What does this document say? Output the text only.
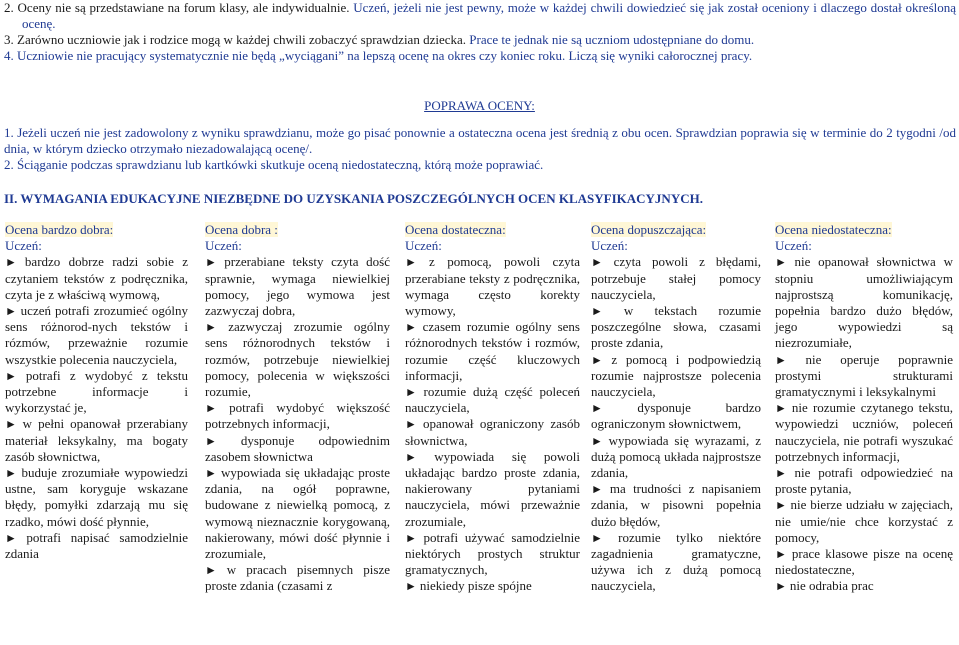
2. Oceny nie są przedstawiane na forum klasy, ale indywidualnie. Uczeń, jeżeli nie jest pewny, może w każdej chwili dowiedzieć się jak został oceniony i dlaczego dostał określoną ocenę.

3. Zarówno uczniowie jak i rodzice mogą w każdej chwili zobaczyć sprawdzian dziecka. Prace te jednak nie są uczniom udostępniane do domu.

4. Uczniowie nie pracujący systematycznie nie będą „wyciągani” na lepszą ocenę na okres czy koniec roku. Liczą się wyniki całorocznej pracy.

POPRAWA OCENY:

1. Jeżeli uczeń nie jest zadowolony z wyniku sprawdzianu, może go pisać ponownie a ostateczna ocena jest średnią z obu ocen. Sprawdzian poprawia się w terminie do 2 tygodni /od dnia, w którym dziecko otrzymało niezadowalającą ocenę/.

2. Ściąganie podczas sprawdzianu lub kartkówki skutkuje oceną niedostateczną, którą może poprawiać.

II. WYMAGANIA EDUKACYJNE NIEZBĘDNE DO UZYSKANIA POSZCZEGÓLNYCH OCEN KLASYFIKACYJNYCH.
Ocena bardzo dobra:
Uczeń:
► bardzo dobrze radzi sobie z czytaniem tekstów z podręcznika, czyta je z właściwą wymową,
► uczeń potrafi zrozumieć ogólny sens różnorod-nych tekstów i rózmów, przeważnie rozumie wszystkie polecenia nauczyciela,
► potrafi z wydobyć z tekstu potrzebne informacje i wykorzystać je,
► w pełni opanował przerabiany materiał leksykalny, ma bogaty zasób słownictwa,
► buduje zrozumiałe wypowiedzi ustne, sam koryguje wskazane błędy, pomyłki zdarzają mu się rzadko, mówi dość płynnie,
► potrafi napisać samodzielnie zdania
Ocena dobra :
Uczeń:
► przerabiane teksty czyta dość sprawnie, wymaga niewielkiej pomocy, jego wymowa jest zazwyczaj dobra,
► zazwyczaj zrozumie ogólny sens różnorodnych tekstów i rozmów, potrzebuje niewielkiej pomocy, polecenia w większości rozumie,
► potrafi wydobyć większość potrzebnych informacji,
► dysponuje odpowiednim zasobem słownictwa
► wypowiada się układając proste zdania, na ogół poprawne, budowane z niewielką pomocą, z wymową nieznacznie korygowaną, nakierowany, mówi dość płynnie i zrozumiale,
► w pracach pisemnych pisze proste zdania (czasami z
Ocena dostateczna:
Uczeń:
► z pomocą, powoli czyta przerabiane teksty z podręcznika, wymaga często korekty wymowy,
► czasem rozumie ogólny sens różnorodnych tekstów i rozmów, rozumie część kluczowych informacji,
► rozumie dużą część poleceń nauczyciela,
► opanował ograniczony zasób słownictwa,
► wypowiada się powoli układając bardzo proste zdania, nakierowany pytaniami nauczyciela, mówi przeważnie zrozumiale,
► potrafi używać samodzielnie niektórych prostych struktur gramatycznych,
► niekiedy pisze spójne
Ocena dopuszczająca:
Uczeń:
► czyta powoli z błędami, potrzebuje stałej pomocy nauczyciela,
► w tekstach rozumie poszczególne słowa, czasami proste zdania,
► z pomocą i podpowiedzią rozumie najprostsze polecenia nauczyciela,
► dysponuje bardzo ograniczonym słownictwem,
► wypowiada się wyrazami, z dużą pomocą układa najprostsze zdania,
► ma trudności z napisaniem zdania, w pisowni popełnia dużo błędów,
► rozumie tylko niektóre zagadnienia gramatyczne, używa ich z dużą pomocą nauczyciela,
Ocena niedostateczna:
Uczeń:
► nie opanował słownictwa w stopniu umożliwiającym najprostszą komunikację, popełnia bardzo dużo błędów, jego wypowiedzi są niezrozumiałe,
► nie operuje poprawnie prostymi strukturami gramatycznymi i leksykalnymi
► nie rozumie czytanego tekstu, wypowiedzi uczniów, poleceń nauczyciela, nie potrafi wyszukać potrzebnych informacji,
► nie potrafi odpowiedzieć na proste pytania,
► nie bierze udziału w zajęciach, nie umie/nie chce korzystać z pomocy,
► prace klasowe pisze na ocenę niedostateczne,
► nie odrabia prac
